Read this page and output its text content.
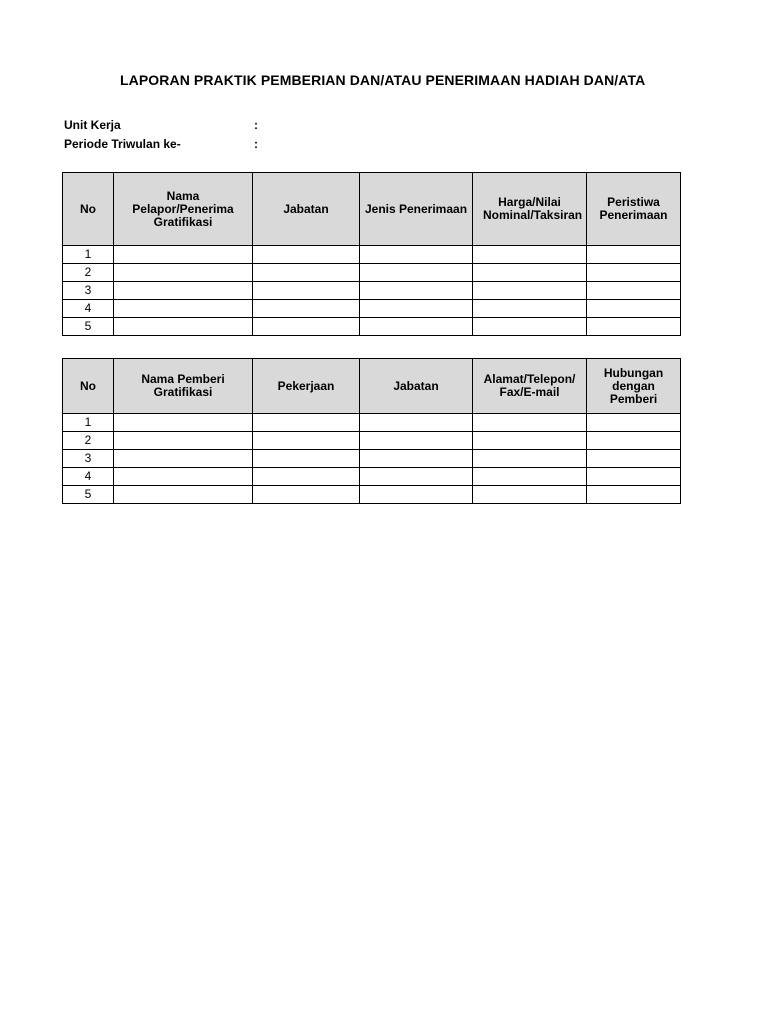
LAPORAN PRAKTIK PEMBERIAN DAN/ATAU PENERIMAAN HADIAH DAN/ATA
Unit Kerja	:
Periode Triwulan ke-	:
No	Nama Pelapor/Penerima Gratifikasi	Jabatan	Jenis Penerimaan	Harga/Nilai Nominal/Taksiran	Peristiwa Penerimaan
1					
2					
3					
4					
5					
No	Nama Pemberi Gratifikasi	Pekerjaan	Jabatan	Alamat/Telepon/ Fax/E-mail	Hubungan dengan Pemberi
1					
2					
3					
4					
5					
